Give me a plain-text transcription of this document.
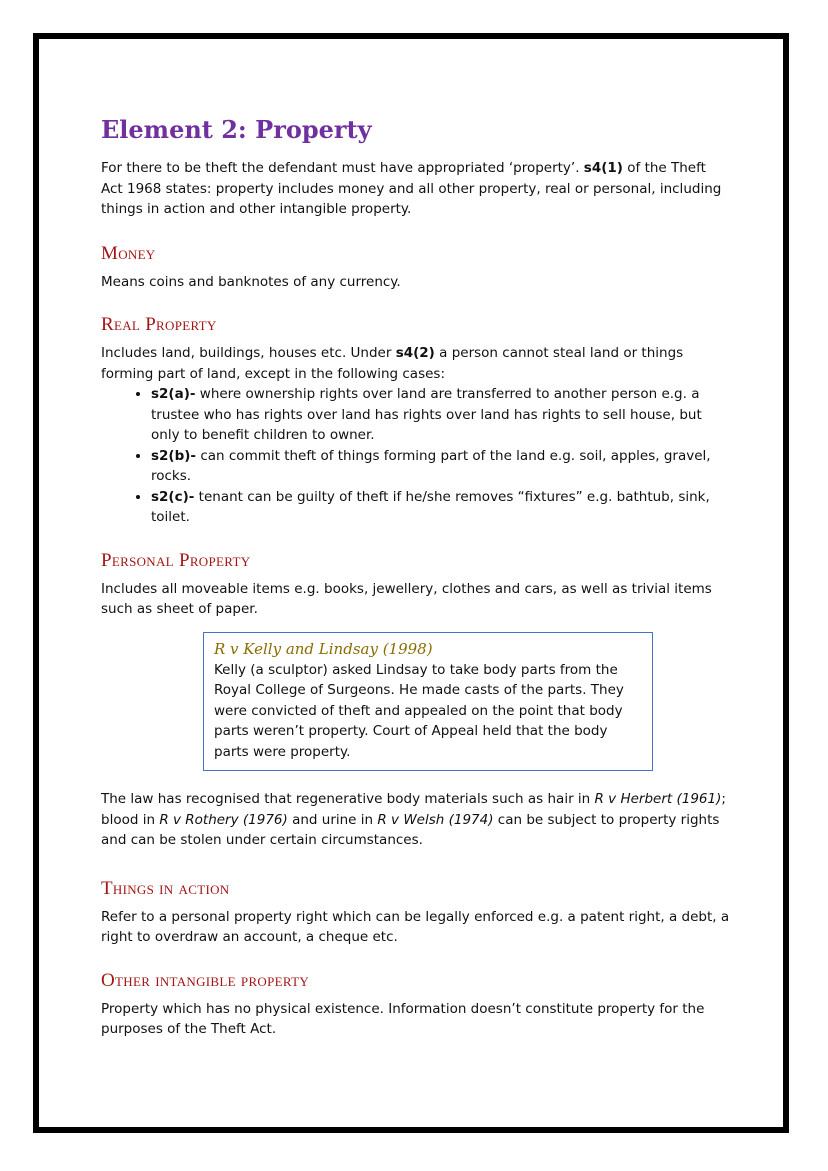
Element 2: Property

For there to be theft the defendant must have appropriated ‘property’. s4(1) of the Theft Act 1968 states: property includes money and all other property, real or personal, including things in action and other intangible property.

Money

Means coins and banknotes of any currency.

Real Property

Includes land, buildings, houses etc. Under s4(2) a person cannot steal land or things forming part of land, except in the following cases:

• s2(a)- where ownership rights over land are transferred to another person e.g. a trustee who has rights over land has rights over land has rights to sell house, but only to benefit children to owner.
• s2(b)- can commit theft of things forming part of the land e.g. soil, apples, gravel, rocks.
• s2(c)- tenant can be guilty of theft if he/she removes “fixtures” e.g. bathtub, sink, toilet.
Personal Property

Includes all moveable items e.g. books, jewellery, clothes and cars, as well as trivial items such as sheet of paper.

R v Kelly and Lindsay (1998)

Kelly (a sculptor) asked Lindsay to take body parts from the Royal College of Surgeons. He made casts of the parts. They were convicted of theft and appealed on the point that body parts weren’t property. Court of Appeal held that the body parts were property.

The law has recognised that regenerative body materials such as hair in R v Herbert (1961); blood in R v Rothery (1976) and urine in R v Welsh (1974) can be subject to property rights and can be stolen under certain circumstances.

Things in action

Refer to a personal property right which can be legally enforced e.g. a patent right, a debt, a right to overdraw an account, a cheque etc.

Other intangible property

Property which has no physical existence. Information doesn’t constitute property for the purposes of the Theft Act.
